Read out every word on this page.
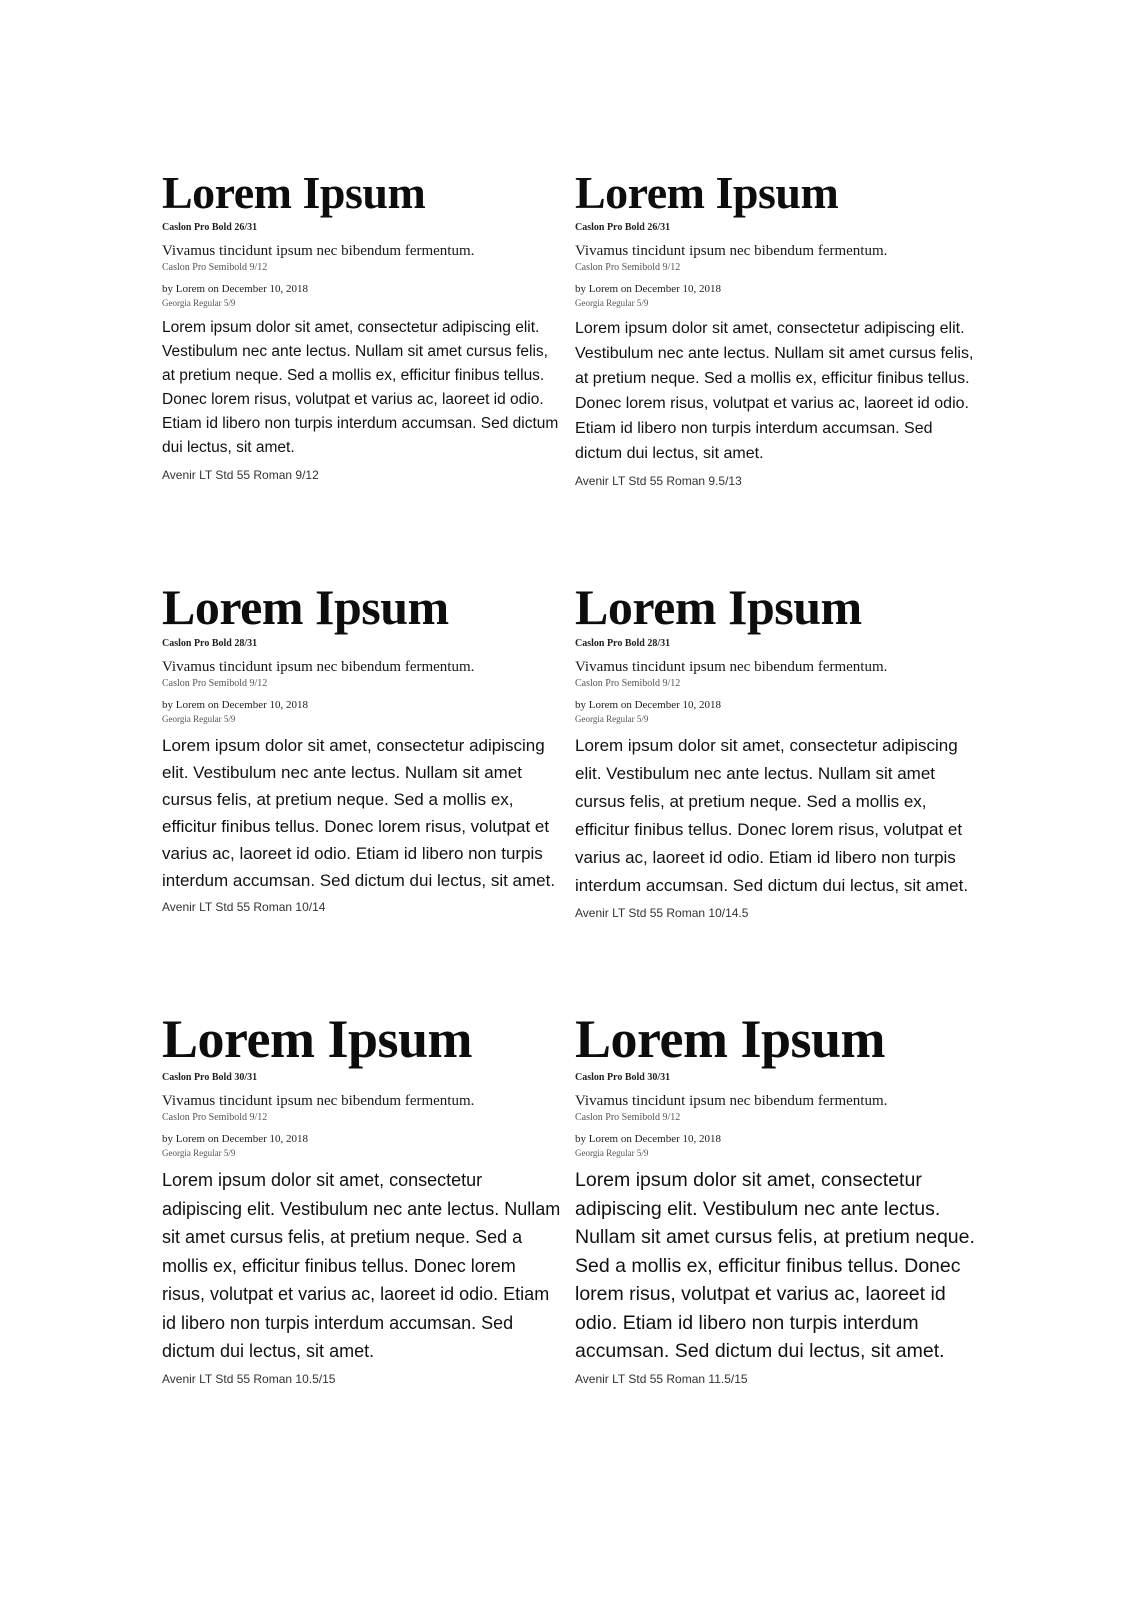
Lorem Ipsum

Caslon Pro Bold 26/31

Vivamus tincidunt ipsum nec bibendum fermentum.

Caslon Pro Semibold 9/12

by Lorem on December 10, 2018

Georgia Regular 5/9

Lorem ipsum dolor sit amet, consectetur adipiscing elit. Vestibulum nec ante lectus. Nullam sit amet cursus felis, at pretium neque. Sed a mollis ex, efficitur finibus tellus. Donec lorem risus, volutpat et varius ac, laoreet id odio. Etiam id libero non turpis interdum accumsan. Sed dictum dui lectus, sit amet.

Avenir LT Std 55 Roman 9/12

Lorem Ipsum

Caslon Pro Bold 26/31

Vivamus tincidunt ipsum nec bibendum fermentum.

Caslon Pro Semibold 9/12

by Lorem on December 10, 2018

Georgia Regular 5/9

Lorem ipsum dolor sit amet, consectetur adipiscing elit. Vestibulum nec ante lectus. Nullam sit amet cursus felis, at pretium neque. Sed a mollis ex, efficitur finibus tellus. Donec lorem risus, volutpat et varius ac, laoreet id odio. Etiam id libero non turpis interdum accumsan. Sed dictum dui lectus, sit amet.

Avenir LT Std 55 Roman 9.5/13

Lorem Ipsum

Caslon Pro Bold 28/31

Vivamus tincidunt ipsum nec bibendum fermentum.

Caslon Pro Semibold 9/12

by Lorem on December 10, 2018

Georgia Regular 5/9

Lorem ipsum dolor sit amet, consectetur adipiscing elit. Vestibulum nec ante lectus. Nullam sit amet cursus felis, at pretium neque. Sed a mollis ex, efficitur finibus tellus. Donec lorem risus, volutpat et varius ac, laoreet id odio. Etiam id libero non turpis interdum accumsan. Sed dictum dui lectus, sit amet.

Avenir LT Std 55 Roman 10/14

Lorem Ipsum

Caslon Pro Bold 28/31

Vivamus tincidunt ipsum nec bibendum fermentum.

Caslon Pro Semibold 9/12

by Lorem on December 10, 2018

Georgia Regular 5/9

Lorem ipsum dolor sit amet, consectetur adipiscing elit. Vestibulum nec ante lectus. Nullam sit amet cursus felis, at pretium neque. Sed a mollis ex, efficitur finibus tellus. Donec lorem risus, volutpat et varius ac, laoreet id odio. Etiam id libero non turpis interdum accumsan. Sed dictum dui lectus, sit amet.

Avenir LT Std 55 Roman 10/14.5

Lorem Ipsum

Caslon Pro Bold 30/31

Vivamus tincidunt ipsum nec bibendum fermentum.

Caslon Pro Semibold 9/12

by Lorem on December 10, 2018

Georgia Regular 5/9

Lorem ipsum dolor sit amet, consectetur adipiscing elit. Vestibulum nec ante lectus. Nullam sit amet cursus felis, at pretium neque. Sed a mollis ex, efficitur finibus tellus. Donec lorem risus, volutpat et varius ac, laoreet id odio. Etiam id libero non turpis interdum accumsan. Sed dictum dui lectus, sit amet.

Avenir LT Std 55 Roman 10.5/15

Lorem Ipsum

Caslon Pro Bold 30/31

Vivamus tincidunt ipsum nec bibendum fermentum.

Caslon Pro Semibold 9/12

by Lorem on December 10, 2018

Georgia Regular 5/9

Lorem ipsum dolor sit amet, consectetur adipiscing elit. Vestibulum nec ante lectus. Nullam sit amet cursus felis, at pretium neque. Sed a mollis ex, efficitur finibus tellus. Donec lorem risus, volutpat et varius ac, laoreet id odio. Etiam id libero non turpis interdum accumsan. Sed dictum dui lectus, sit amet.

Avenir LT Std 55 Roman 11.5/15
